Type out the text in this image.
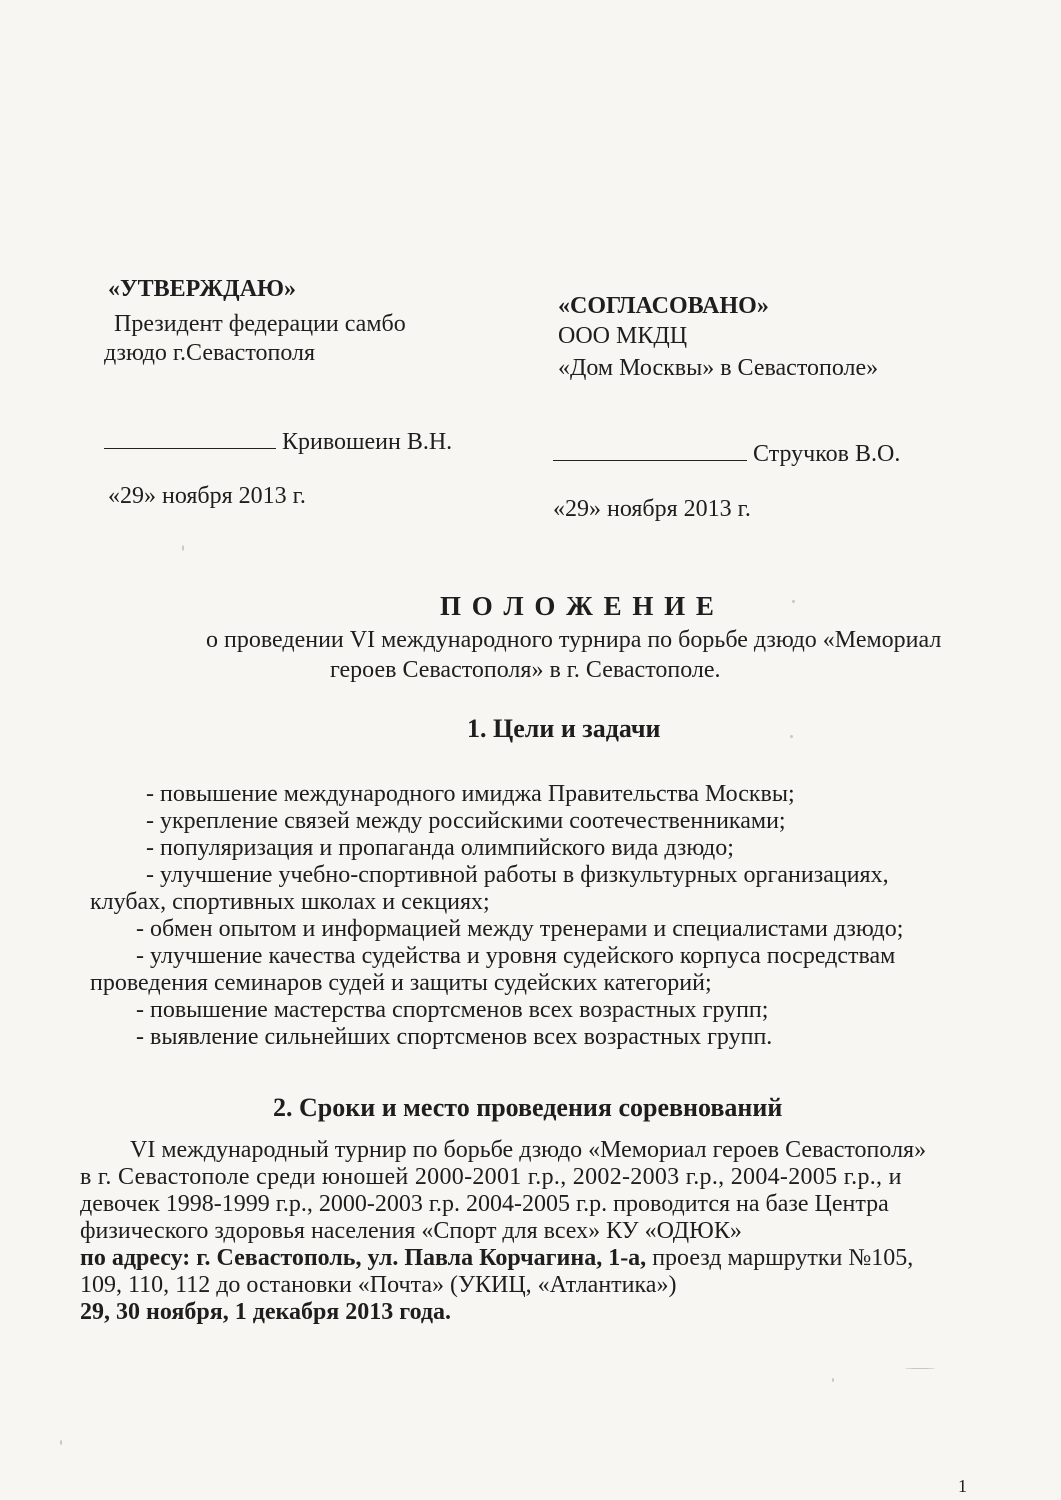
«УТВЕРЖДАЮ»
Президент федерации самбо
дзюдо г.Севастополя
Кривошеин В.Н.
«29» ноября 2013 г.
«СОГЛАСОВАНО»
ООО МКДЦ
«Дом Москвы» в Севастополе»
Стручков В.О.
«29» ноября 2013 г.
П О Л О Ж Е Н И Е
о проведении VI международного турнира по борьбе дзюдо «Мемориал
героев Севастополя» в г. Севастополе.
1. Цели и задачи
- повышение международного имиджа Правительства Москвы;
- укрепление связей между российскими соотечественниками;
- популяризация и пропаганда олимпийского вида дзюдо;
- улучшение учебно-спортивной работы в физкультурных организациях,
клубах, спортивных школах и секциях;
- обмен опытом и информацией между тренерами и специалистами дзюдо;
- улучшение качества судейства и уровня судейского корпуса посредствам
проведения семинаров судей и защиты судейских категорий;
- повышение мастерства спортсменов всех возрастных групп;
- выявление сильнейших спортсменов всех возрастных групп.
2. Сроки и место проведения соревнований
VI международный турнир по борьбе дзюдо «Мемориал героев Севастополя»
в г. Севастополе среди юношей 2000-2001 г.р., 2002-2003 г.р., 2004-2005 г.р., и
девочек 1998-1999 г.р., 2000-2003 г.р. 2004-2005 г.р. проводится на базе Центра
физического здоровья населения «Спорт для всех» КУ «ОДЮК»
по адресу: г. Севастополь, ул. Павла Корчагина, 1-а, проезд маршрутки №105,
109, 110, 112 до остановки «Почта» (УКИЦ, «Атлантика»)
29, 30 ноября, 1 декабря 2013 года.
1
